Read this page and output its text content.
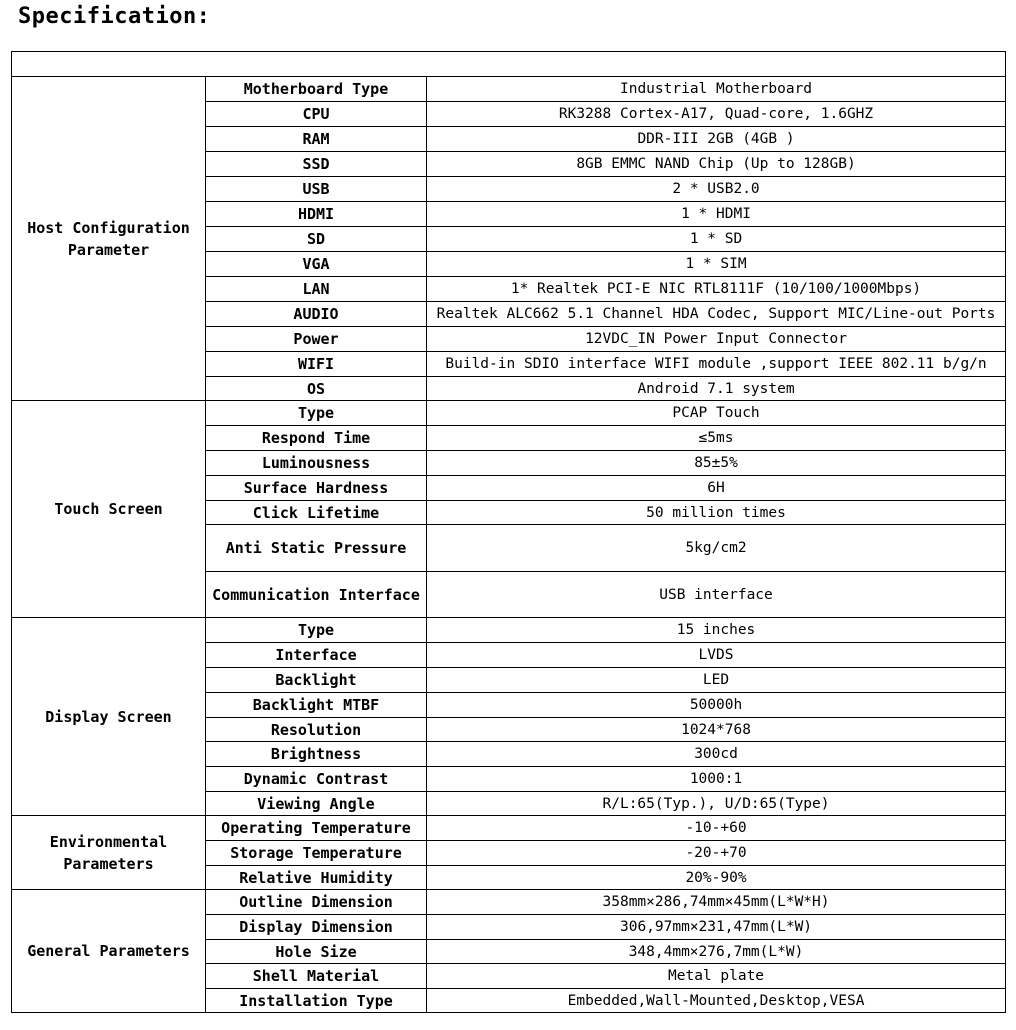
Specification:

Host Configuration Parameter	Motherboard Type	Industrial Motherboard
	CPU	RK3288 Cortex-A17, Quad-core, 1.6GHZ
	RAM	DDR-III 2GB (4GB )
	SSD	8GB EMMC NAND Chip (Up to 128GB)
	USB	2 * USB2.0
	HDMI	1 * HDMI
	SD	1 * SD
	VGA	1 * SIM
	LAN	1* Realtek PCI-E NIC RTL8111F (10/100/1000Mbps)
	AUDIO	Realtek ALC662 5.1 Channel HDA Codec, Support MIC/Line-out Ports
	Power	12VDC_IN Power Input Connector
	WIFI	Build-in SDIO interface WIFI module ,support IEEE 802.11 b/g/n
	OS	Android 7.1 system
Touch Screen	Type	PCAP Touch
	Respond Time	≤5ms
	Luminousness	85±5%
	Surface Hardness	6H
	Click Lifetime	50 million times
	Anti Static Pressure	5kg/cm2
	Communication Interface	USB interface
Display Screen	Type	15 inches
	Interface	LVDS
	Backlight	LED
	Backlight MTBF	50000h
	Resolution	1024*768
	Brightness	300cd
	Dynamic Contrast	1000:1
	Viewing Angle	R/L:65(Typ.), U/D:65(Type)
Environmental Parameters	Operating Temperature	-10-+60
	Storage Temperature	-20-+70
	Relative Humidity	20%-90%
General Parameters	Outline Dimension	358mm×286,74mm×45mm(L*W*H)
	Display Dimension	306,97mm×231,47mm(L*W)
	Hole Size	348,4mm×276,7mm(L*W)
	Shell Material	Metal plate
	Installation Type	Embedded,Wall-Mounted,Desktop,VESA
